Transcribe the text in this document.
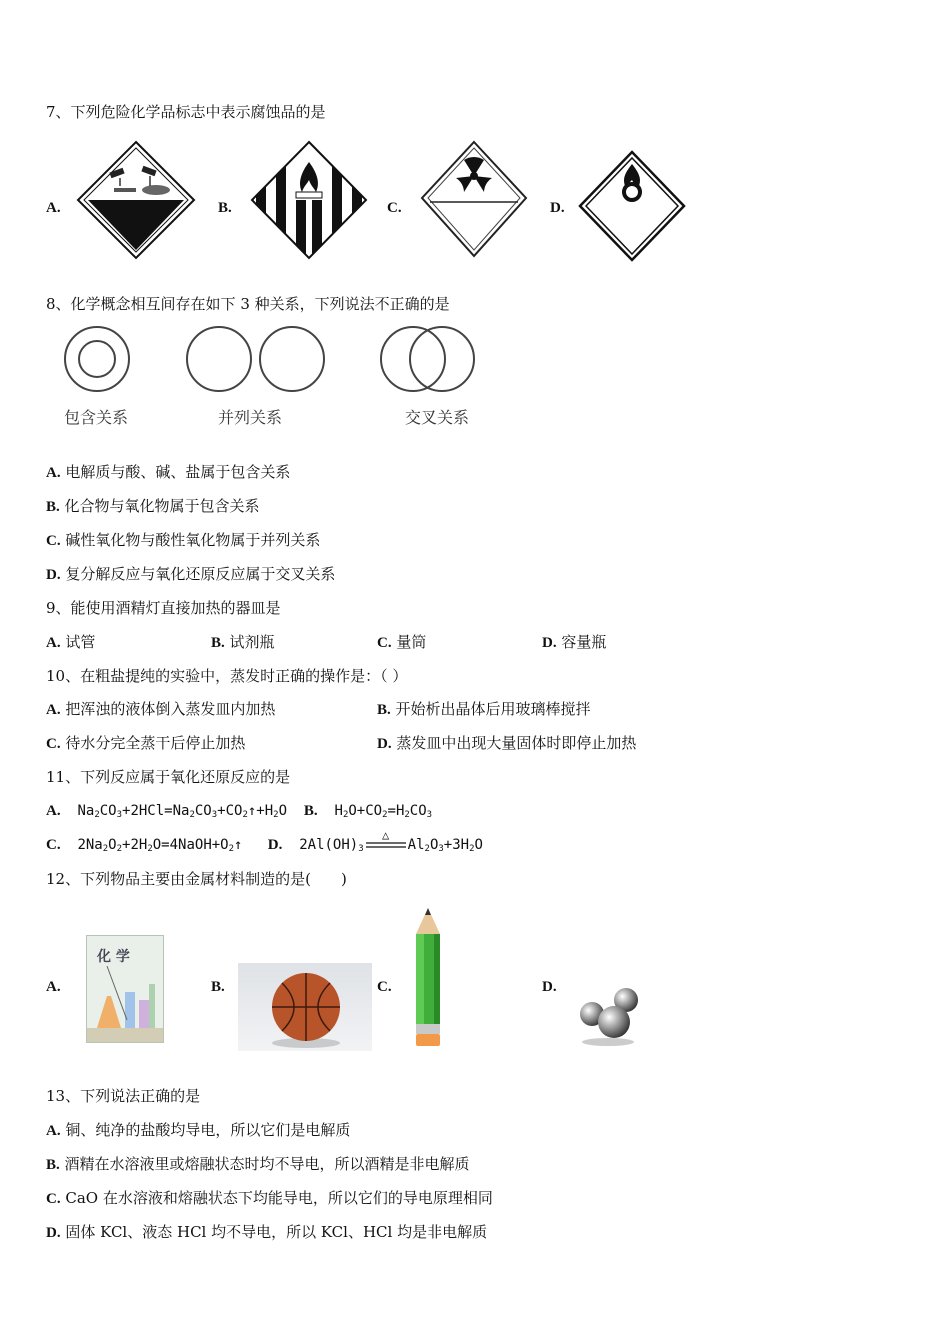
7、下列危险化学品标志中表示腐蚀品的是
A.	B.	C.	D.
8、化学概念相互间存在如下 3 种关系，下列说法不正确的是
包含关系	并列关系	交叉关系
A. 电解质与酸、碱、盐属于包含关系
B. 化合物与氧化物属于包含关系
C. 碱性氧化物与酸性氧化物属于并列关系
D. 复分解反应与氧化还原反应属于交叉关系
9、能使用酒精灯直接加热的器皿是
A. 试管	B. 试剂瓶	C. 量筒	D. 容量瓶
10、在粗盐提纯的实验中，蒸发时正确的操作是：（ ）
A. 把浑浊的液体倒入蒸发皿内加热	B. 开始析出晶体后用玻璃棒搅拌
C. 待水分完全蒸干后停止加热	D. 蒸发皿中出现大量固体时即停止加热
11、下列反应属于氧化还原反应的是
A. $Na_2CO_3+2HCl=Na_2CO_3+CO_2↑+H_2O$ B. $H_2O+CO_2=H_2CO_3$
C. $2Na_2O_2+2H_2O=4NaOH+O_2↑$ D. $2Al(OH)_3$
△
$Al_2O_3+3H_2O$
12、下列物品主要由金属材料制造的是(　　)
A.
化 学
B.	C.	D.
13、下列说法正确的是
A. 铜、纯净的盐酸均导电，所以它们是电解质
B. 酒精在水溶液里或熔融状态时均不导电，所以酒精是非电解质
C. CaO 在水溶液和熔融状态下均能导电，所以它们的导电原理相同
D. 固体 KCl、液态 HCl 均不导电，所以 KCl、HCl 均是非电解质
